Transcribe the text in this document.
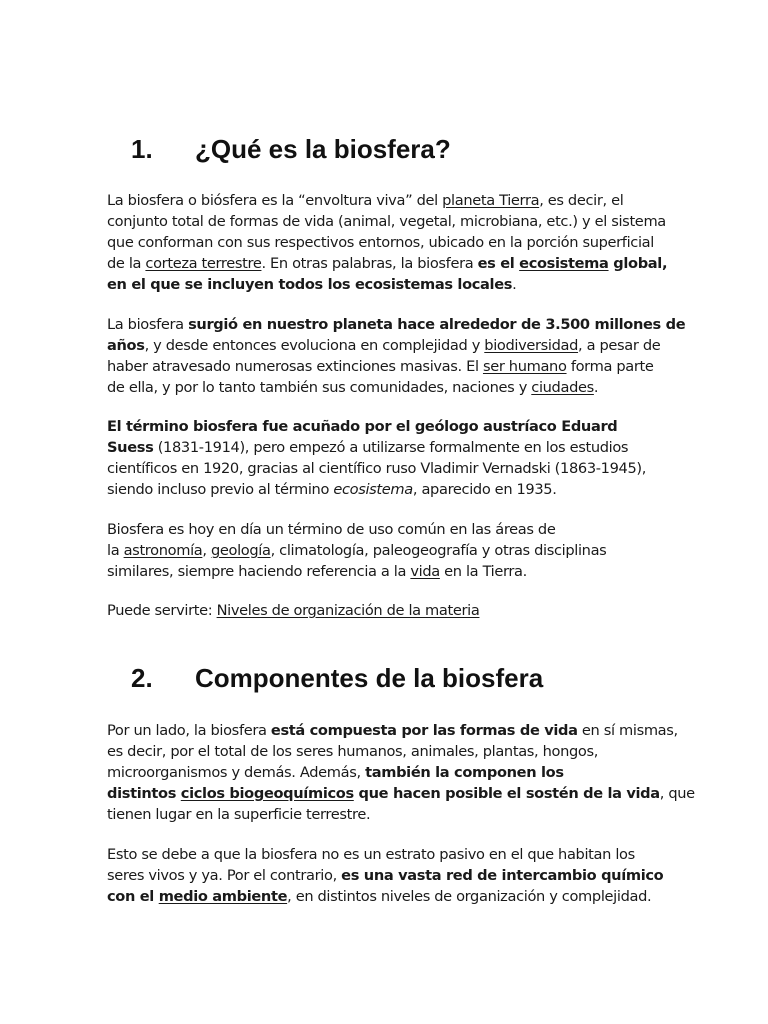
1. ¿Qué es la biosfera?
La biosfera o biósfera es la “envoltura viva” del planeta Tierra, es decir, el
conjunto total de formas de vida (animal, vegetal, microbiana, etc.) y el sistema
que conforman con sus respectivos entornos, ubicado en la porción superficial
de la corteza terrestre. En otras palabras, la biosfera es el ecosistema global,
en el que se incluyen todos los ecosistemas locales.
La biosfera surgió en nuestro planeta hace alrededor de 3.500 millones de
años, y desde entonces evoluciona en complejidad y biodiversidad, a pesar de
haber atravesado numerosas extinciones masivas. El ser humano forma parte
de ella, y por lo tanto también sus comunidades, naciones y ciudades.
El término biosfera fue acuñado por el geólogo austríaco Eduard
Suess (1831-1914), pero empezó a utilizarse formalmente en los estudios
científicos en 1920, gracias al científico ruso Vladimir Vernadski (1863-1945),
siendo incluso previo al término ecosistema, aparecido en 1935.
Biosfera es hoy en día un término de uso común en las áreas de
la astronomía, geología, climatología, paleogeografía y otras disciplinas
similares, siempre haciendo referencia a la vida en la Tierra.
Puede servirte: Niveles de organización de la materia
2. Componentes de la biosfera
Por un lado, la biosfera está compuesta por las formas de vida en sí mismas,
es decir, por el total de los seres humanos, animales, plantas, hongos,
microorganismos y demás. Además, también la componen los
distintos ciclos biogeoquímicos que hacen posible el sostén de la vida, que
tienen lugar en la superficie terrestre.
Esto se debe a que la biosfera no es un estrato pasivo en el que habitan los
seres vivos y ya. Por el contrario, es una vasta red de intercambio químico
con el medio ambiente, en distintos niveles de organización y complejidad.
